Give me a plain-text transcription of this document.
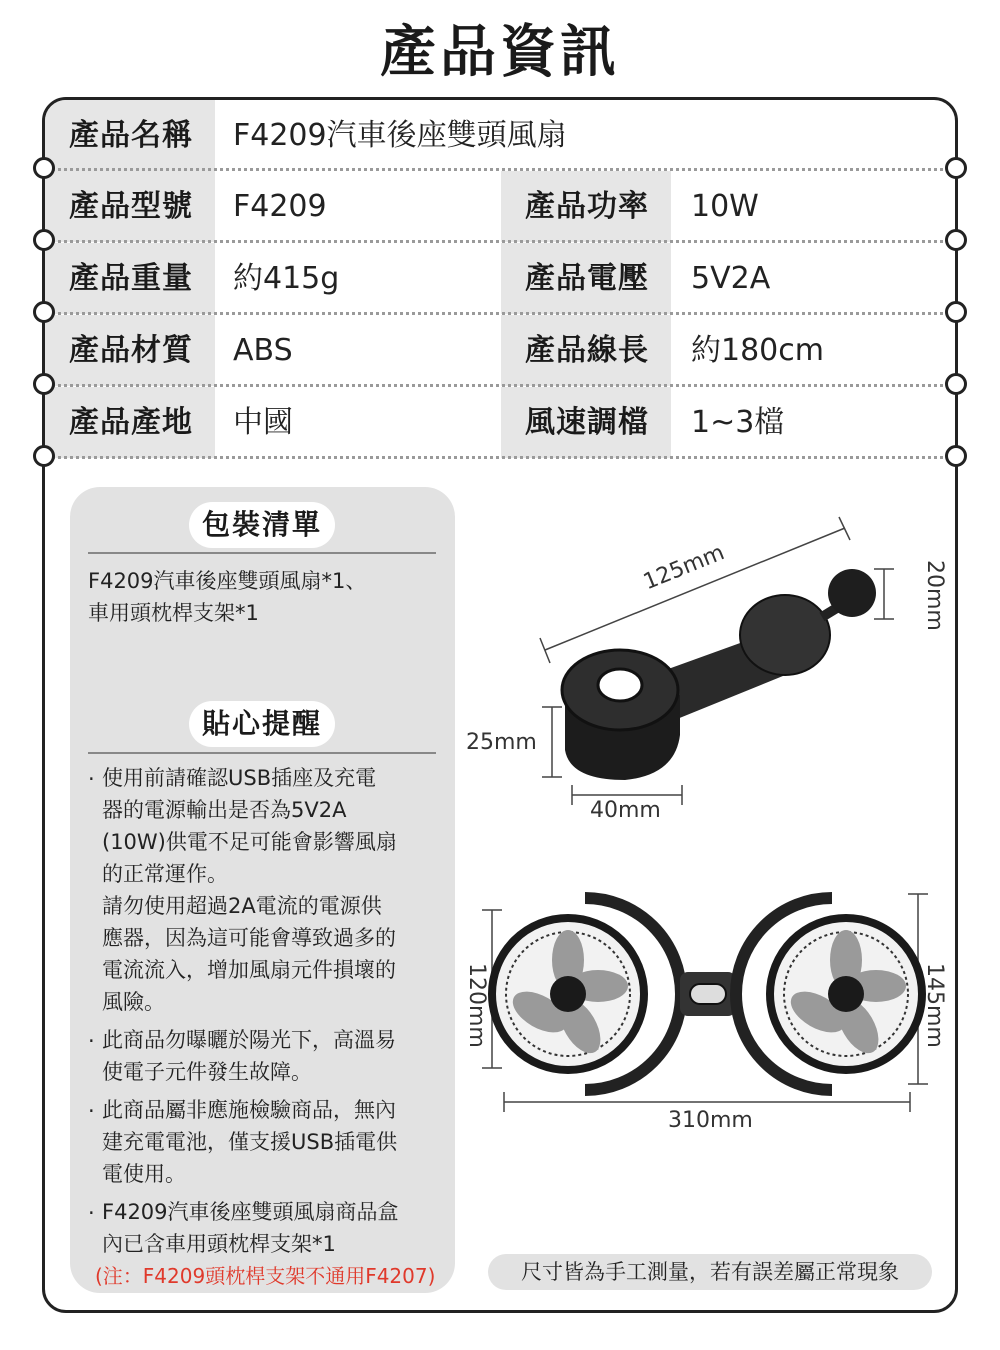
產品資訊
產品名稱	F4209汽車後座雙頭風扇
產品型號	F4209	產品功率	10W
產品重量	約415g	產品電壓	5V2A
產品材質	ABS	產品線長	約180cm
產品產地	中國	風速調檔	1~3檔
包裝清單
F4209汽車後座雙頭風扇*1、
車用頭枕桿支架*1
貼心提醒
· 使用前請確認USB插座及充電
器的電源輸出是否為5V2A
(10W)供電不足可能會影響風扇
的正常運作。
請勿使用超過2A電流的電源供
應器，因為這可能會導致過多的
電流流入，增加風扇元件損壞的
風險。
· 此商品勿曝曬於陽光下，高溫易
使電子元件發生故障。
· 此商品屬非應施檢驗商品，無內
建充電電池，僅支援USB插電供
電使用。
· F4209汽車後座雙頭風扇商品盒
內已含車用頭枕桿支架*1
(注：F4209頭枕桿支架不通用F4207)
125mm	20mm
25mm
40mm
120mm	145mm
310mm
尺寸皆為手工測量，若有誤差屬正常現象
